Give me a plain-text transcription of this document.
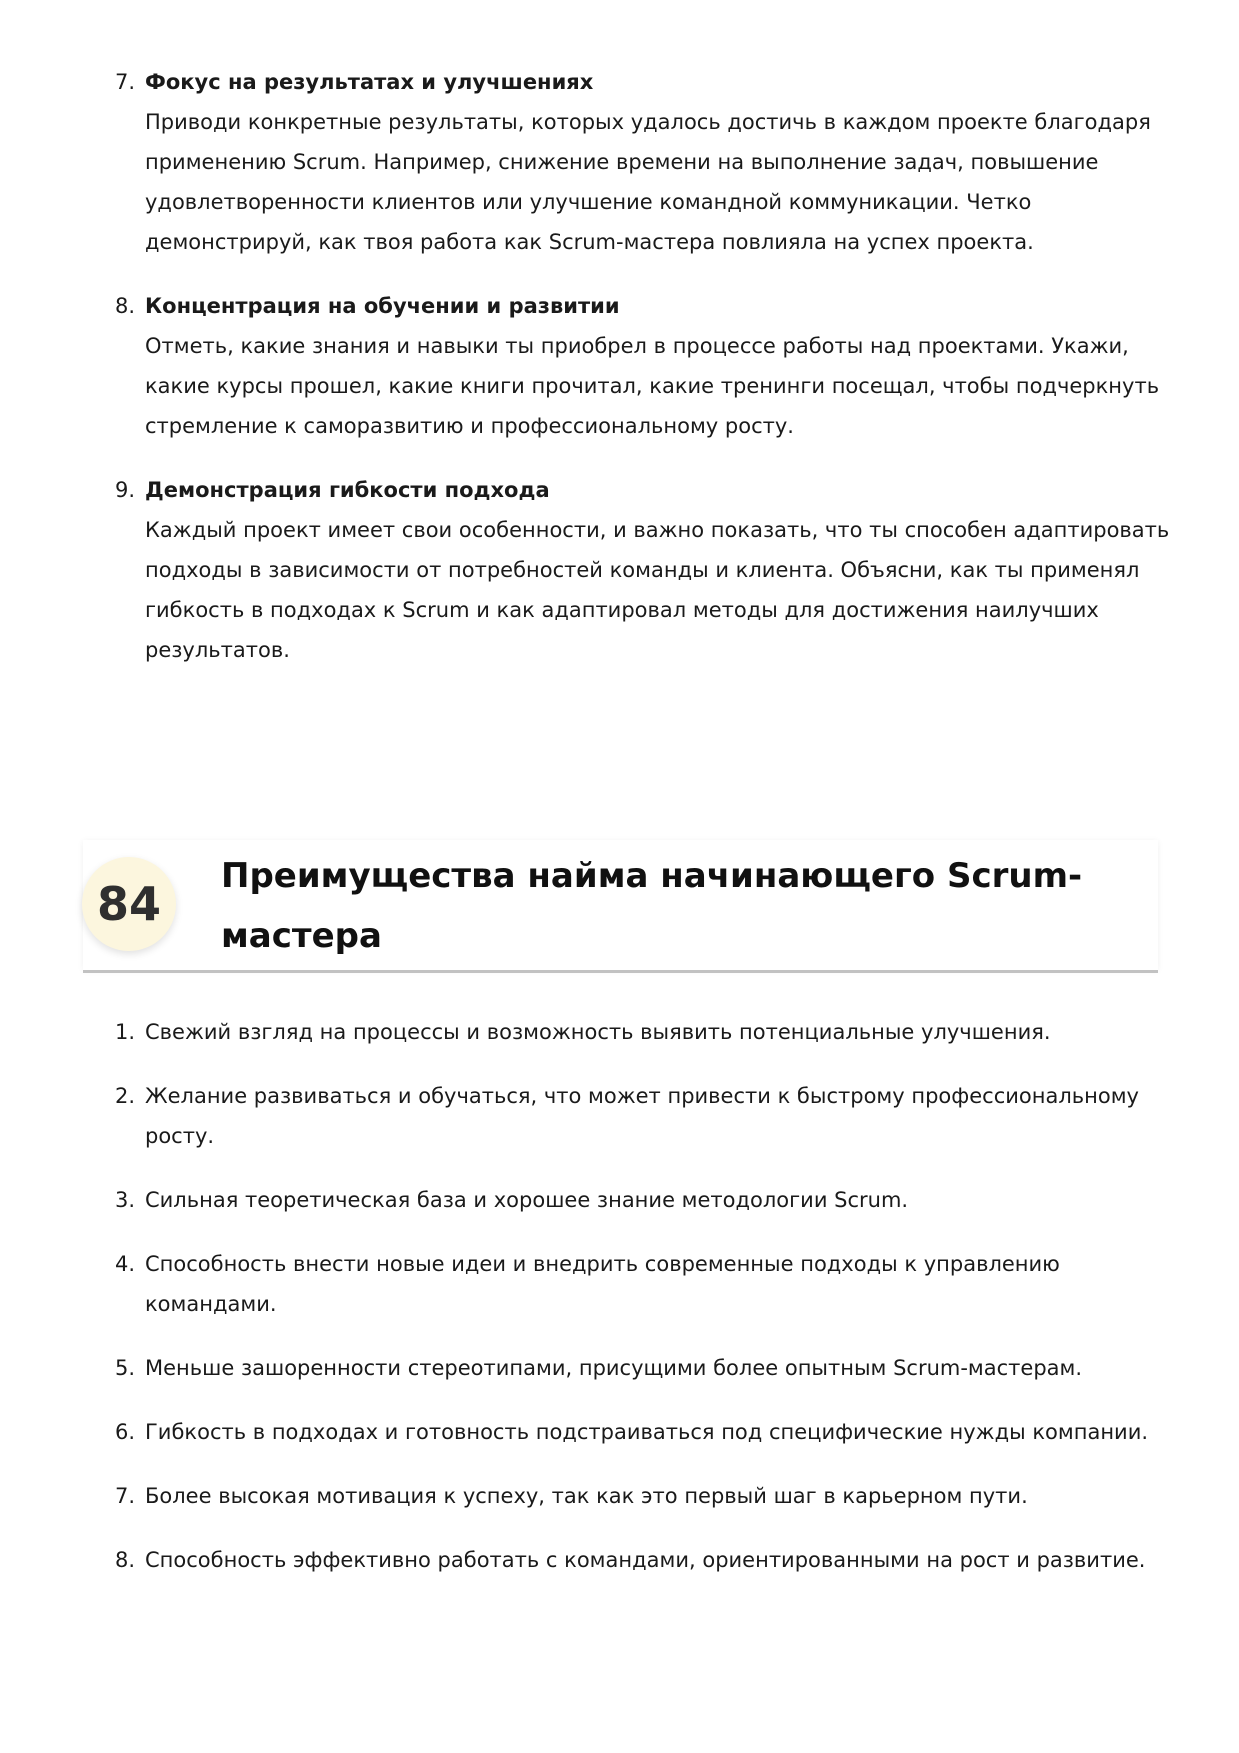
7. Фокус на результатах и улучшениях
Приводи конкретные результаты, которых удалось достичь в каждом проекте благодаря применению Scrum. Например, снижение времени на выполнение задач, повышение удовлетворенности клиентов или улучшение командной коммуникации. Четко демонстрируй, как твоя работа как Scrum-мастера повлияла на успех проекта.
8. Концентрация на обучении и развитии
Отметь, какие знания и навыки ты приобрел в процессе работы над проектами. Укажи, какие курсы прошел, какие книги прочитал, какие тренинги посещал, чтобы подчеркнуть стремление к саморазвитию и профессиональному росту.
9. Демонстрация гибкости подхода
Каждый проект имеет свои особенности, и важно показать, что ты способен адаптировать подходы в зависимости от потребностей команды и клиента. Объясни, как ты применял гибкость в подходах к Scrum и как адаптировал методы для достижения наилучших результатов.
84
Преимущества найма начинающего Scrum-мастера
1. Свежий взгляд на процессы и возможность выявить потенциальные улучшения.
2. Желание развиваться и обучаться, что может привести к быстрому профессиональному росту.
3. Сильная теоретическая база и хорошее знание методологии Scrum.
4. Способность внести новые идеи и внедрить современные подходы к управлению командами.
5. Меньше зашоренности стереотипами, присущими более опытным Scrum-мастерам.
6. Гибкость в подходах и готовность подстраиваться под специфические нужды компании.
7. Более высокая мотивация к успеху, так как это первый шаг в карьерном пути.
8. Способность эффективно работать с командами, ориентированными на рост и развитие.
